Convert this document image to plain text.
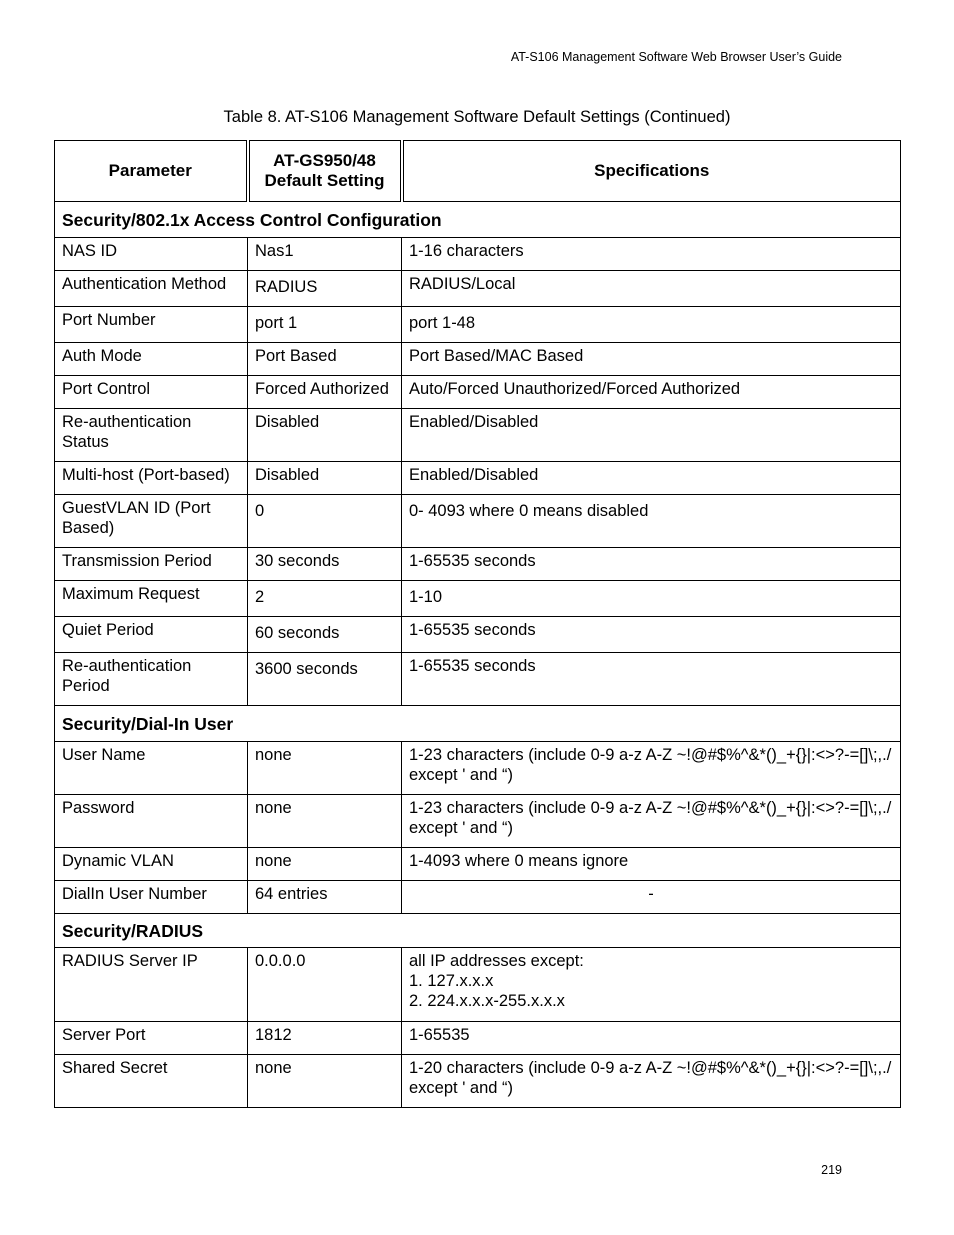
AT-S106 Management Software Web Browser User’s Guide
Table 8. AT-S106 Management Software Default Settings (Continued)
Parameter	AT-GS950/48 Default Setting	Specifications
Security/802.1x Access Control Configuration		
NAS ID	Nas1	1-16 characters
Authentication Method	RADIUS	RADIUS/Local
Port Number	port 1	port 1-48
Auth Mode	Port Based	Port Based/MAC Based
Port Control	Forced Authorized	Auto/Forced Unauthorized/Forced Authorized
Re-authentication Status	Disabled	Enabled/Disabled
Multi-host (Port-based)	Disabled	Enabled/Disabled
GuestVLAN ID (Port Based)	0	0- 4093 where 0 means disabled
Transmission Period	30 seconds	1-65535 seconds
Maximum Request	2	1-10
Quiet Period	60 seconds	1-65535 seconds
Re-authentication Period	3600 seconds	1-65535 seconds
Security/Dial-In User		
User Name	none	1-23 characters (include 0-9 a-z A-Z ~!@#$%^&*()_+{}|:<>?-=[]\;,./ except ' and “)
Password	none	1-23 characters (include 0-9 a-z A-Z ~!@#$%^&*()_+{}|:<>?-=[]\;,./ except ' and “)
Dynamic VLAN	none	1-4093 where 0 means ignore
DialIn User Number	64 entries	-
Security/RADIUS		
RADIUS Server IP	0.0.0.0	all IP addresses except:
1. 127.x.x.x
2. 224.x.x.x-255.x.x.x

Server Port	1812	1-65535
Shared Secret	none	1-20 characters (include 0-9 a-z A-Z ~!@#$%^&*()_+{}|:<>?-=[]\;,./ except ' and “)
219
